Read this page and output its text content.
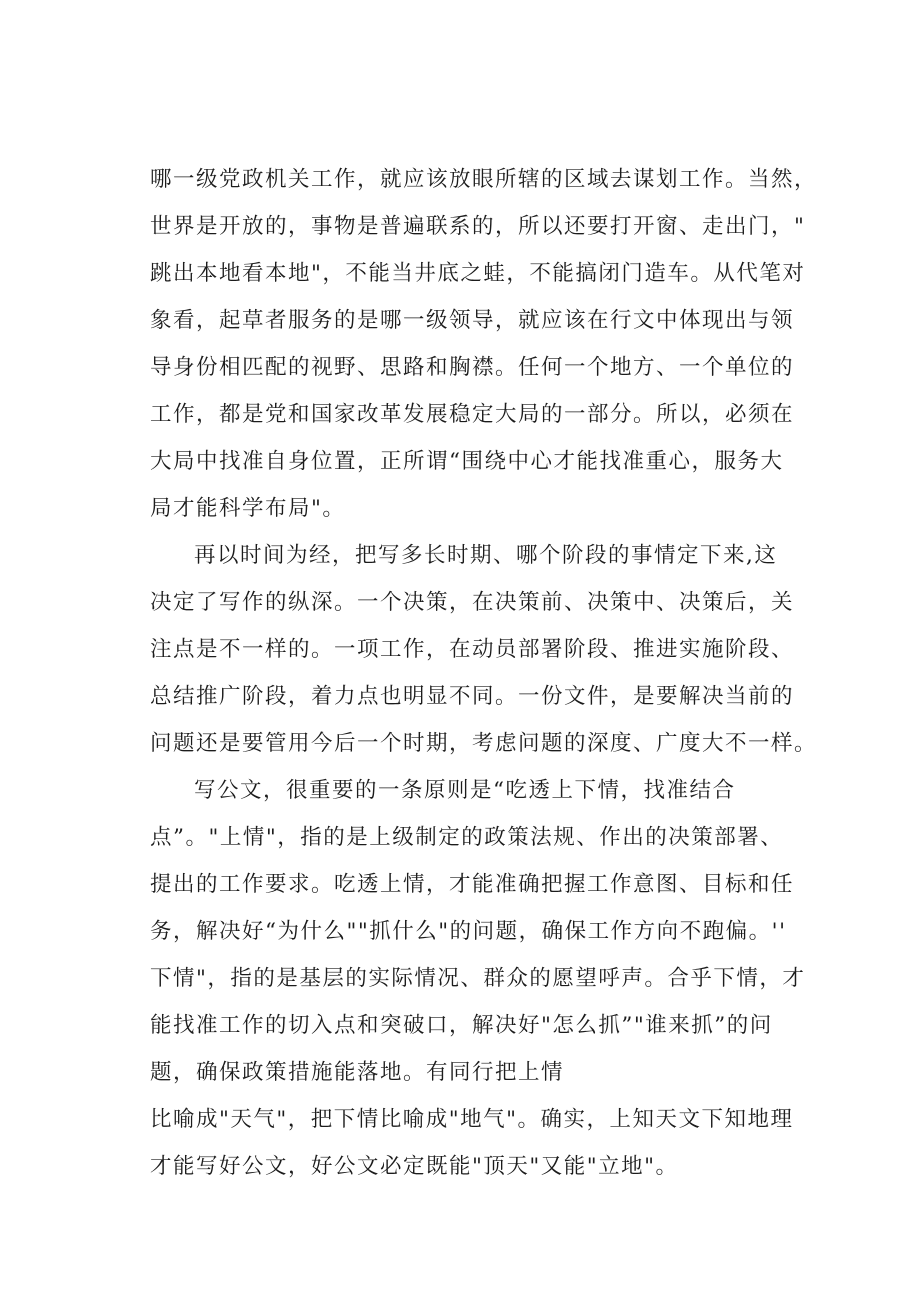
哪一级党政机关工作，就应该放眼所辖的区域去谋划工作。当然，
世界是开放的，事物是普遍联系的，所以还要打开窗、走出门，"
跳出本地看本地"，不能当井底之蛙，不能搞闭门造车。从代笔对
象看，起草者服务的是哪一级领导，就应该在行文中体现出与领
导身份相匹配的视野、思路和胸襟。任何一个地方、一个单位的
工作，都是党和国家改革发展稳定大局的一部分。所以，必须在
大局中找准自身位置，正所谓“围绕中心才能找准重心，服务大
局才能科学布局"。
再以时间为经，把写多长时期、哪个阶段的事情定下来,这
决定了写作的纵深。一个决策，在决策前、决策中、决策后，关
注点是不一样的。一项工作，在动员部署阶段、推进实施阶段、
总结推广阶段，着力点也明显不同。一份文件，是要解决当前的
问题还是要管用今后一个时期，考虑问题的深度、广度大不一样。
写公文，很重要的一条原则是“吃透上下情，找准结合
点”。"上情"，指的是上级制定的政策法规、作出的决策部署、
提出的工作要求。吃透上情，才能准确把握工作意图、目标和任
务，解决好“为什么""抓什么"的问题，确保工作方向不跑偏。''
下情"，指的是基层的实际情况、群众的愿望呼声。合乎下情，才
能找准工作的切入点和突破口，解决好"怎么抓”"谁来抓”的问
题，确保政策措施能落地。有同行把上情
比喻成"天气"，把下情比喻成"地气"。确实，上知天文下知地理
才能写好公文，好公文必定既能"顶天"又能"立地"。
